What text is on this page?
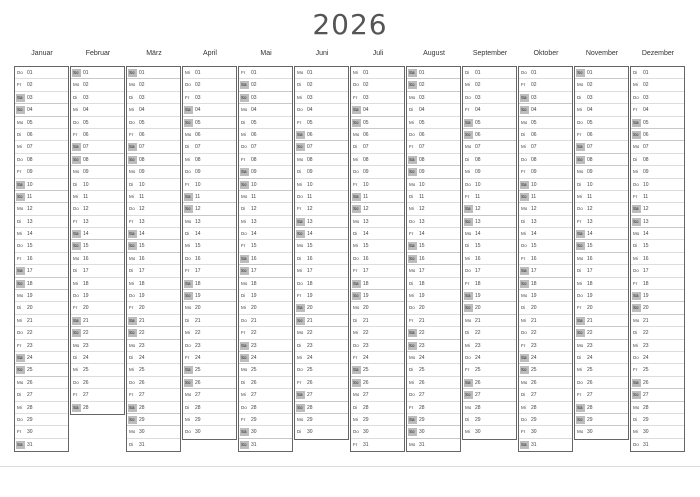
2026
Januar
Do 01
Fr	02
Sa 03
So 04
Mo 05
Di	06
Mi	07
Do 08
Fr	09
Sa 10
So 11
Mo 12
Di	13
Mi	14
Do 15
Fr	16
Sa 17
So 18
Mo 19
Di	20
Mi	21
Do 22
Fr	23
Sa 24
So 25
Mo 26
Di	27
Mi	28
Do 29
Fr	30
Sa 31
Februar
So 01
Mo 02
Di	03
Mi	04
Do 05
Fr	06
Sa 07
So 08
Mo 09
Di	10
Mi	11
Do 12
Fr	13
Sa 14
So 15
Mo 16
Di	17
Mi	18
Do 19
Fr	20
Sa 21
So 22
Mo 23
Di	24
Mi	25
Do 26
Fr	27
Sa 28
März
So 01
Mo 02
Di	03
Mi	04
Do 05
Fr	06
Sa 07
So 08
Mo 09
Di	10
Mi	11
Do 12
Fr	13
Sa 14
So 15
Mo 16
Di	17
Mi	18
Do 19
Fr	20
Sa 21
So 22
Mo 23
Di	24
Mi	25
Do 26
Fr	27
Sa 28
So 29
Mo 30
Di	31
April
Mi	01
Do 02
Fr	03
Sa 04
So 05
Mo 06
Di	07
Mi	08
Do 09
Fr	10
Sa 11
So 12
Mo 13
Di	14
Mi	15
Do 16
Fr	17
Sa 18
So 19
Mo 20
Di	21
Mi	22
Do 23
Fr	24
Sa 25
So 26
Mo 27
Di	28
Mi	29
Do 30
Mai
Fr	01
Sa 02
So 03
Mo 04
Di	05
Mi	06
Do 07
Fr	08
Sa 09
So 10
Mo 11
Di	12
Mi	13
Do 14
Fr	15
Sa 16
So 17
Mo 18
Di	19
Mi	20
Do 21
Fr	22
Sa 23
So 24
Mo 25
Di	26
Mi	27
Do 28
Fr	29
Sa 30
So 31
Juni
Mo 01
Di	02
Mi	03
Do 04
Fr	05
Sa 06
So 07
Mo 08
Di	09
Mi	10
Do 11
Fr	12
Sa 13
So 14
Mo 15
Di	16
Mi	17
Do 18
Fr	19
Sa 20
So 21
Mo 22
Di	23
Mi	24
Do 25
Fr	26
Sa 27
So 28
Mo 29
Di	30
Juli
Mi	01
Do 02
Fr	03
Sa 04
So 05
Mo 06
Di	07
Mi	08
Do 09
Fr	10
Sa 11
So 12
Mo 13
Di	14
Mi	15
Do 16
Fr	17
Sa 18
So 19
Mo 20
Di	21
Mi	22
Do 23
Fr	24
Sa 25
So 26
Mo 27
Di	28
Mi	29
Do 30
Fr	31
August
Sa 01
So 02
Mo 03
Di	04
Mi	05
Do 06
Fr	07
Sa 08
So 09
Mo 10
Di	11
Mi	12
Do 13
Fr	14
Sa 15
So 16
Mo 17
Di	18
Mi	19
Do 20
Fr	21
Sa 22
So 23
Mo 24
Di	25
Mi	26
Do 27
Fr	28
Sa 29
So 30
Mo 31
September
Di	01
Mi	02
Do 03
Fr	04
Sa 05
So 06
Mo 07
Di	08
Mi	09
Do 10
Fr	11
Sa 12
So 13
Mo 14
Di	15
Mi	16
Do 17
Fr	18
Sa 19
So 20
Mo 21
Di	22
Mi	23
Do 24
Fr	25
Sa 26
So 27
Mo 28
Di	29
Mi	30
Oktober
Do 01
Fr	02
Sa 03
So 04
Mo 05
Di	06
Mi	07
Do 08
Fr	09
Sa 10
So 11
Mo 12
Di	13
Mi	14
Do 15
Fr	16
Sa 17
So 18
Mo 19
Di	20
Mi	21
Do 22
Fr	23
Sa 24
So 25
Mo 26
Di	27
Mi	28
Do 29
Fr	30
Sa 31
November
So 01
Mo 02
Di	03
Mi	04
Do 05
Fr	06
Sa 07
So 08
Mo 09
Di	10
Mi	11
Do 12
Fr	13
Sa 14
So 15
Mo 16
Di	17
Mi	18
Do 19
Fr	20
Sa 21
So 22
Mo 23
Di	24
Mi	25
Do 26
Fr	27
Sa 28
So 29
Mo 30
Dezember
Di	01
Mi	02
Do 03
Fr	04
Sa 05
So 06
Mo 07
Di	08
Mi	09
Do 10
Fr	11
Sa 12
So 13
Mo 14
Di	15
Mi	16
Do 17
Fr	18
Sa 19
So 20
Mo 21
Di	22
Mi	23
Do 24
Fr	25
Sa 26
So 27
Mo 28
Di	29
Mi	30
Do 31
